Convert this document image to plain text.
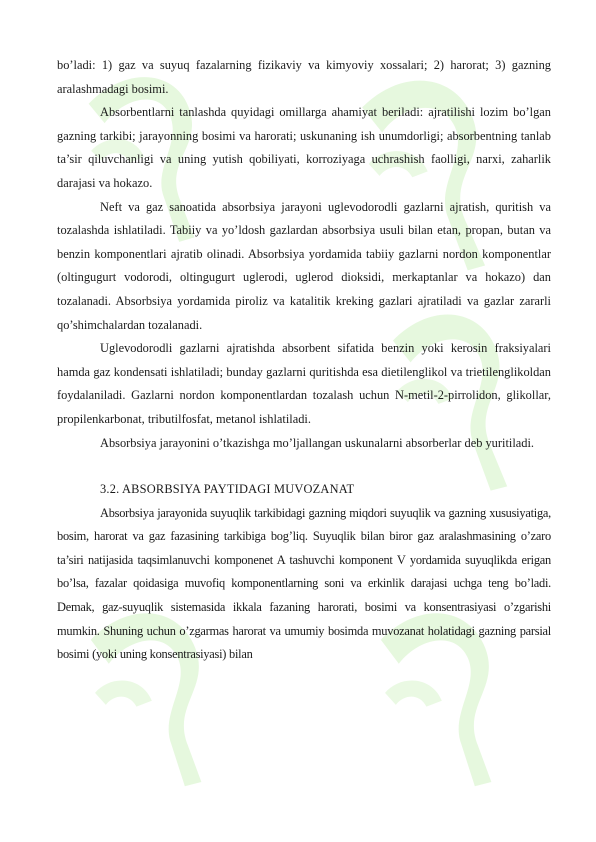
bo’ladi: 1) gaz va suyuq fazalarning fizikaviy va kimyoviy xossalari; 2) harorat; 3) gazning aralashmadagi bosimi.

Absorbentlarni tanlashda quyidagi omillarga ahamiyat beriladi: ajratilishi lozim bo’lgan gazning tarkibi; jarayonning bosimi va harorati; uskunaning ish unumdorligi; absorbentning tanlab ta’sir qiluvchanligi va uning yutish qobiliyati, korroziyaga uchrashish faolligi, narxi, zaharlik darajasi va hokazo.

Neft va gaz sanoatida absorbsiya jarayoni uglevodorodli gazlarni ajratish, quritish va tozalashda ishlatiladi. Tabiiy va yo’ldosh gazlardan absorbsiya usuli bilan etan, propan, butan va benzin komponentlari ajratib olinadi. Absorbsiya yordamida tabiiy gazlarni nordon komponentlar (oltingugurt vodorodi, oltingugurt uglerodi, uglerod dioksidi, merkaptanlar va hokazo) dan tozalanadi. Absorbsiya yordamida piroliz va katalitik kreking gazlari ajratiladi va gazlar zararli qo’shimchalardan tozalanadi.

Uglevodorodli gazlarni ajratishda absorbent sifatida benzin yoki kerosin fraksiyalari hamda gaz kondensati ishlatiladi; bunday gazlarni quritishda esa dietilenglikol va trietilenglikoldan foydalaniladi. Gazlarni nordon komponentlardan tozalash uchun N-metil-2-pirrolidon, glikollar, propilenkarbonat, tributilfosfat, metanol ishlatiladi.

Absorbsiya jarayonini o’tkazishga mo’ljallangan uskunalarni absorberlar deb yuritiladi.

3.2. ABSORBSIYA PAYTIDAGI MUVOZANAT

Absorbsiya jarayonida suyuqlik tarkibidagi gazning miqdori suyuqlik va gazning xususiyatiga, bosim, harorat va gaz fazasining tarkibiga bog’liq. Suyuqlik bilan biror gaz aralashmasining o’zaro ta’siri natijasida taqsimlanuvchi komponenet A tashuvchi komponent V yordamida suyuqlikda erigan bo’lsa, fazalar qoidasiga muvofiq komponentlarning soni va erkinlik darajasi uchga teng bo’ladi. Demak, gaz-suyuqlik sistemasida ikkala fazaning harorati, bosimi va konsentrasiyasi o’zgarishi mumkin. Shuning uchun o’zgarmas harorat va umumiy bosimda muvozanat holatidagi gazning parsial bosimi (yoki uning konsentrasiyasi) bilan
